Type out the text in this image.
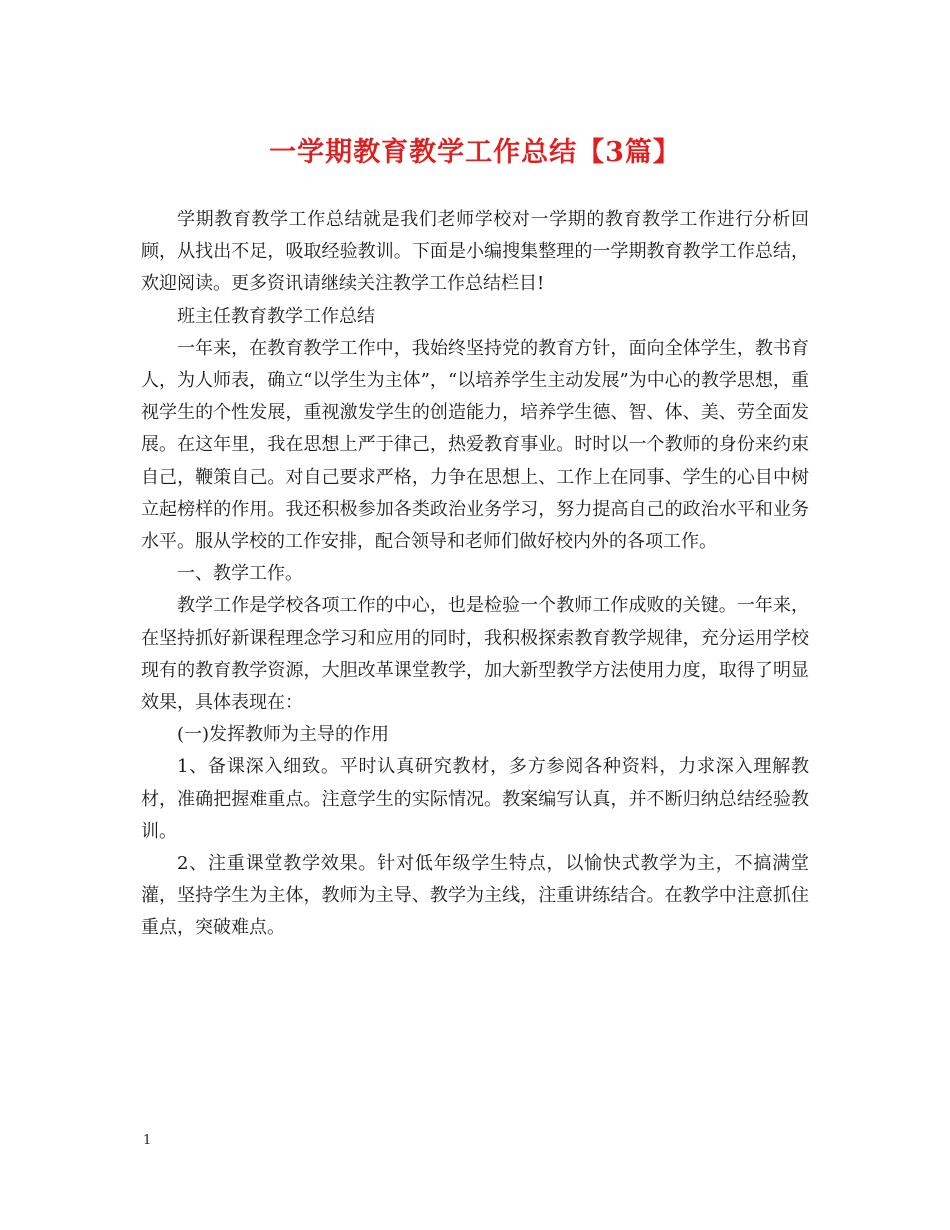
一学期教育教学工作总结【3篇】

学期教育教学工作总结就是我们老师学校对一学期的教育教学工作进行分析回顾，从找出不足，吸取经验教训。下面是小编搜集整理的一学期教育教学工作总结，欢迎阅读。更多资讯请继续关注教学工作总结栏目!

班主任教育教学工作总结

一年来，在教育教学工作中，我始终坚持党的教育方针，面向全体学生，教书育人，为人师表，确立“以学生为主体”，“以培养学生主动发展”为中心的教学思想，重视学生的个性发展，重视激发学生的创造能力，培养学生德、智、体、美、劳全面发展。在这年里，我在思想上严于律己，热爱教育事业。时时以一个教师的身份来约束自己，鞭策自己。对自己要求严格，力争在思想上、工作上在同事、学生的心目中树立起榜样的作用。我还积极参加各类政治业务学习，努力提高自己的政治水平和业务水平。服从学校的工作安排，配合领导和老师们做好校内外的各项工作。

一、教学工作。

教学工作是学校各项工作的中心，也是检验一个教师工作成败的关键。一年来，在坚持抓好新课程理念学习和应用的同时，我积极探索教育教学规律，充分运用学校现有的教育教学资源，大胆改革课堂教学，加大新型教学方法使用力度，取得了明显效果，具体表现在：

(一)发挥教师为主导的作用

1、备课深入细致。平时认真研究教材，多方参阅各种资料，力求深入理解教材，准确把握难重点。注意学生的实际情况。教案编写认真，并不断归纳总结经验教训。

2、注重课堂教学效果。针对低年级学生特点，以愉快式教学为主，不搞满堂灌，坚持学生为主体，教师为主导、教学为主线，注重讲练结合。在教学中注意抓住重点，突破难点。

1
